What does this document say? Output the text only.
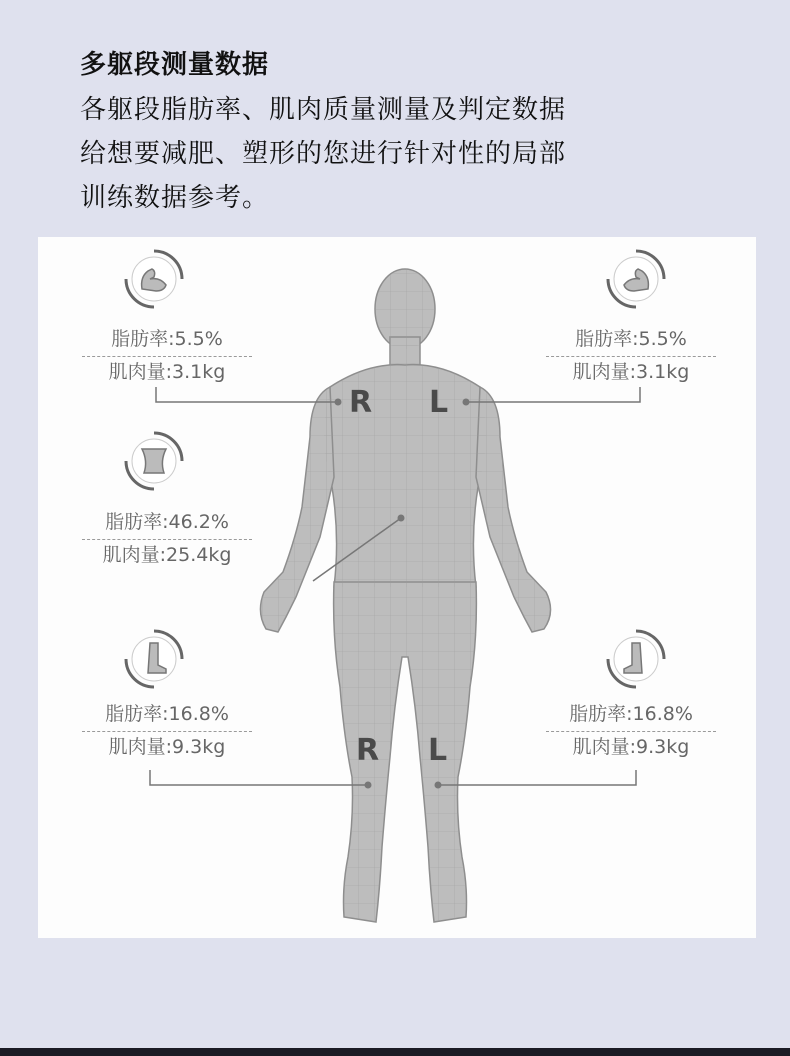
多躯段测量数据
各躯段脂肪率、肌肉质量测量及判定数据
给想要减肥、塑形的您进行针对性的局部
训练数据参考。
R L
R L
脂肪率:5.5%
肌肉量:3.1kg
脂肪率:5.5%
肌肉量:3.1kg
脂肪率:46.2%
肌肉量:25.4kg
脂肪率:16.8%
肌肉量:9.3kg
脂肪率:16.8%
肌肉量:9.3kg
